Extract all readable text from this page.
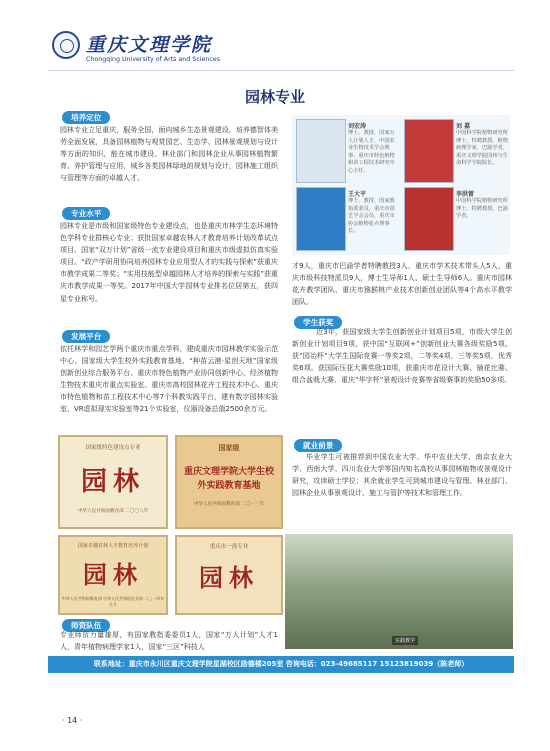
重庆文理学院
Chongqing University of Arts and Sciences
园林专业
培养定位
园林专业立足重庆，服务全国，面向城乡生态景观建设，培养德智体美劳全面发展，具备园林植物与观赏园艺、生态学、园林景观规划与设计等方面的知识，能在城市建设、林业部门和园林企业从事园林植物繁育、养护管理与应用，城乡各类园林绿地的规划与设计，园林施工组织与管理等方面的卓越人才。
专业水平
园林专业是市级和国家级特色专业建设点，也是重庆市林学生态环境特色学科专业群核心专业；获批国家卓越农林人才教育培养计划改革试点项目、国家“双万计划”省级一流专业建设项目和重庆市级虚拟仿真实验项目。“政产学研用协同培养园林专业应用型人才的实践与探索”获重庆市教学成果二等奖；“实用技能型卓越园林人才培养的探索与实践”获重庆市教学成果一等奖。2017年中国大学园林专业排名位居第五，获四星专业称号。
发展平台
依托林学和园艺学两个重庆市重点学科，建成重庆市园林教学实验示范中心、国家级大学生校外实践教育基地、“种苗云港·星创天地”国家级创新创业综合服务平台、重庆市特色植物产业协同创新中心、经济植物生物技术重庆市重点实验室、重庆市高校园林花卉工程技术中心、重庆市特色植物和苗工程技术中心等7个科教实践平台，建有数字园林实验室、VR虚拟现实实验室等21个实验室，仪器设备总值2500余万元。
国家级特色建设点专业
园林
中华人民共和国教育部 二〇〇八年
国家级
重庆文理学院大学生校外实践教育基地
中华人民共和国教育部 二〇一三年
国家卓越农林人才教育培养计划
园林
中华人民共和国教育部 中华人民共和国农业部 二〇一四年九月
重庆市一流专业
园林
师资队伍
专业师资力量雄厚，有国家教指委委员1人，国家“万人计划”人才1人，青年植物病理学家1人，国家“三区”科技人
刘宏涛
博士、教授、国家万人计划人才，中国农业生物技术学会理事、重庆市特色植物和苗工程技术研究中心主任。
刘 嘉
中国科学院植物研究所博士，特聘教授、植物病理学家，巴渝学者，重庆文理学院园林与生命科学学院院长。
王大平
博士、教授、国家教指委委员，重庆市园艺学会会员，重庆市协会植物花卉理事长。
李洪雷
中国科学院植物研究所博士，特聘教授，巴渝学者。
才9人，重庆市巴渝学者特聘教授3人，重庆市学术技术带头人5人，重庆市级科技特派员9人，博士生导师1人、硕士生导师6人。重庆市园林花卉教学团队、重庆市猕猴桃产业技术创新创业团队等4个高水平教学团队。
学生获奖
近3年，获国家级大学生创新创业计划项目5项，市级大学生创新创业计划项目9项，获中国“互联网+”创新创业大赛各级奖励5项。获“园冶杯”大学生国际竞赛一等奖2项，二等奖4项，三等奖5项，优秀奖6项。获国际压花大赛奖励10项，获重庆市花设计大赛、插花比赛、组合盆栽大赛、重庆“华宇杯”景观设计竞赛等省级赛事的奖励50多项。
就业前景
毕业学生可被推荐到中国农业大学、华中农业大学、南京农业大学、西南大学、四川农业大学等国内知名高校从事园林植物或景观设计研究，攻读硕士学位；其余就业学生可到城市建设与管理、林业部门、园林企业从事景观设计、施工与管护等技术和管理工作。
实践教学
联系地址：重庆市永川区重庆文理学院星湖校区励德楼205室 咨询电话：023-49685117 15123819039（陈老师）
· 14 ·
